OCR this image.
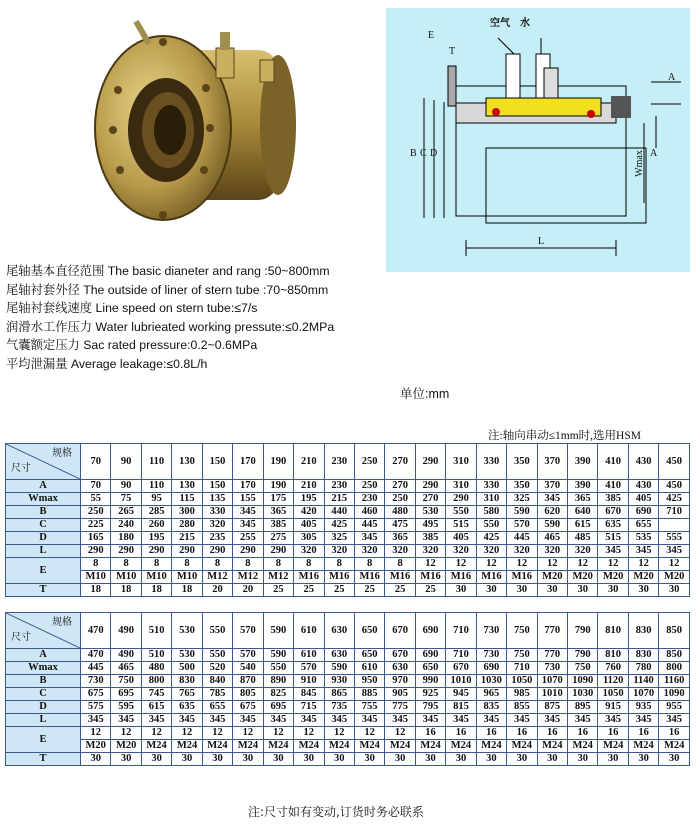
空气 水
E
T
A
B C D	Wmax A
L
尾轴基本直径范围 The basic dianeter and rang :50~800mm
尾轴衬套外径 The outside of liner of stern tube :70~850mm
尾轴衬套线速度 Line speed on stern tube:≤7/s
润滑水工作压力 Water lubrieated working pressute:≤0.2MPa
气囊额定压力 Sac rated pressure:0.2~0.6MPa
平均泄漏量 Average leakage:≤0.8L/h
单位:mm
注:轴向串动≤1mm时,选用HSM
规格
尺寸	70	90	110	130	150	170	190	210	230	250	270	290	310	330	350	370	390	410	430	450
A	70	90	110	130	150	170	190	210	230	250	270	290	310	330	350	370	390	410	430	450
Wmax	55	75	95	115	135	155	175	195	215	230	250	270	290	310	325	345	365	385	405	425
B	250	265	285	300	330	345	365	420	440	460	480	530	550	580	590	620	640	670	690	710
C	225	240	260	280	320	345	385	405	425	445	475	495	515	550	570	590	615	635	655	
D	165	180	195	215	235	255	275	305	325	345	365	385	405	425	445	465	485	515	535	555
L	290	290	290	290	290	290	290	320	320	320	320	320	320	320	320	320	320	345	345	345
E	8	8	8	8	8	8	8	8	8	8	8	12	12	12	12	12	12	12	12	12
	M10	M10	M10	M10	M12	M12	M12	M16	M16	M16	M16	M16	M16	M16	M16	M20	M20	M20	M20	M20
T	18	18	18	18	20	20	25	25	25	25	25	25	30	30	30	30	30	30	30	30
规格
尺寸	470	490	510	530	550	570	590	610	630	650	670	690	710	730	750	770	790	810	830	850
A	470	490	510	530	550	570	590	610	630	650	670	690	710	730	750	770	790	810	830	850
Wmax	445	465	480	500	520	540	550	570	590	610	630	650	670	690	710	730	750	760	780	800
B	730	750	800	830	840	870	890	910	930	950	970	990	1010	1030	1050	1070	1090	1120	1140	1160
C	675	695	745	765	785	805	825	845	865	885	905	925	945	965	985	1010	1030	1050	1070	1090
D	575	595	615	635	655	675	695	715	735	755	775	795	815	835	855	875	895	915	935	955
L	345	345	345	345	345	345	345	345	345	345	345	345	345	345	345	345	345	345	345	345
E	12	12	12	12	12	12	12	12	12	12	12	16	16	16	16	16	16	16	16	16
	M20	M20	M24	M24	M24	M24	M24	M24	M24	M24	M24	M24	M24	M24	M24	M24	M24	M24	M24	M24
T	30	30	30	30	30	30	30	30	30	30	30	30	30	30	30	30	30	30	30	30
注:尺寸如有变动,订货时务必联系
